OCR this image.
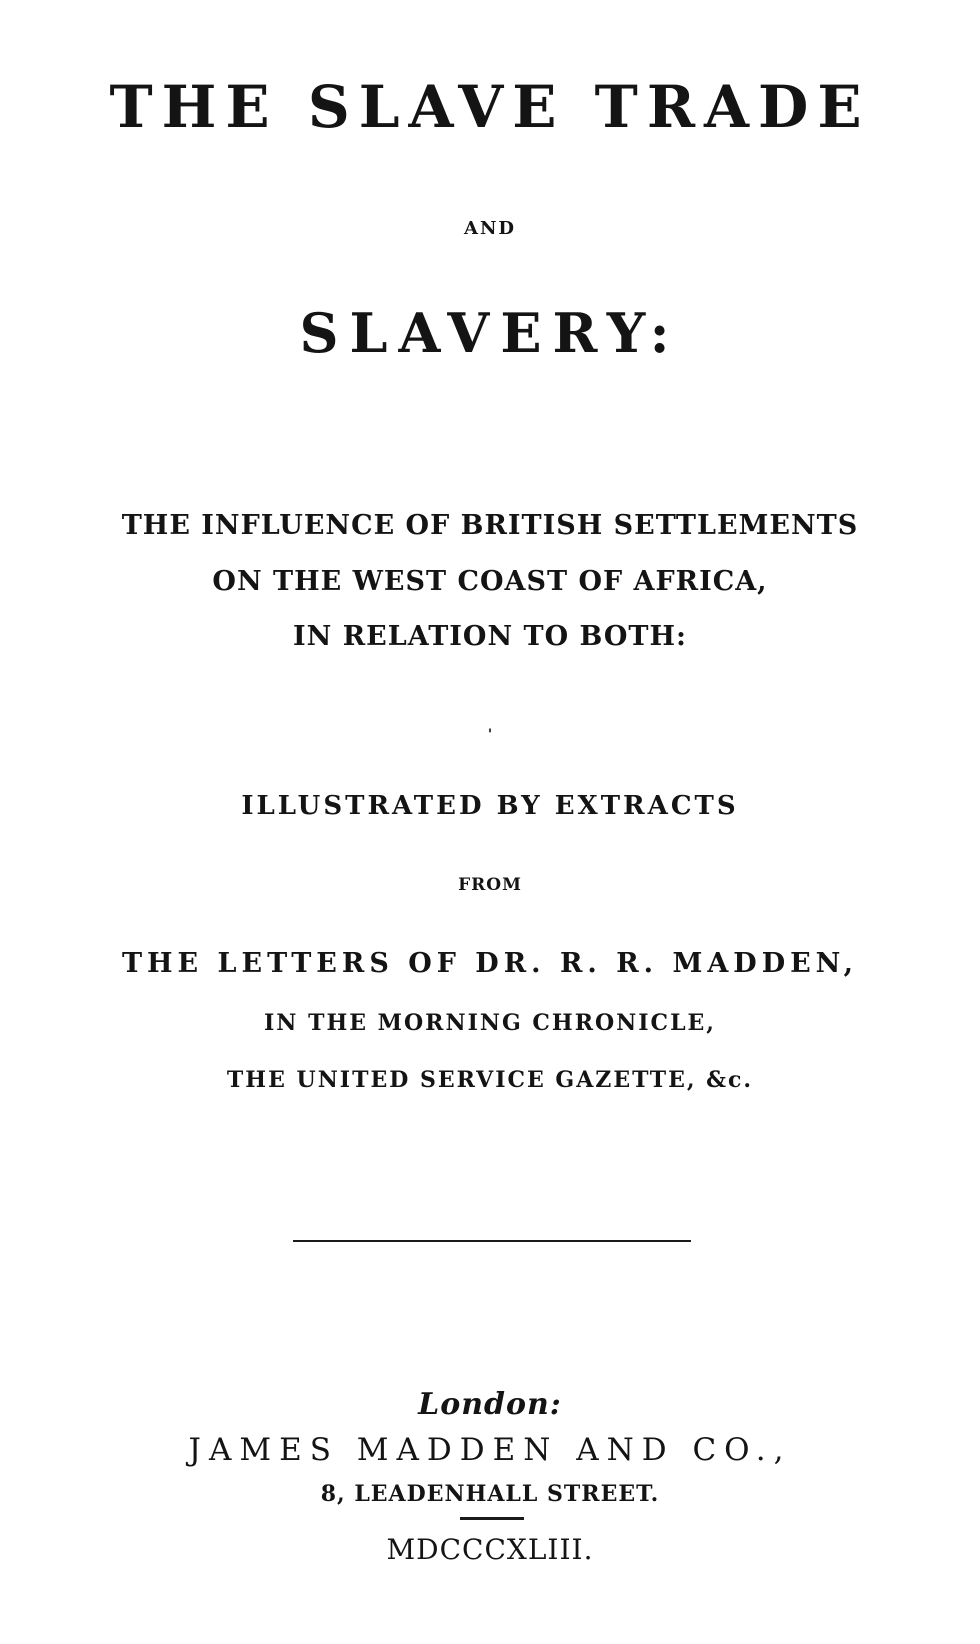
THE SLAVE TRADE
AND
SLAVERY:
THE INFLUENCE OF BRITISH SETTLEMENTS
ON THE WEST COAST OF AFRICA,
IN RELATION TO BOTH:
'
ILLUSTRATED BY EXTRACTS
FROM
THE LETTERS OF DR. R. R. MADDEN,
IN THE MORNING CHRONICLE,
THE UNITED SERVICE GAZETTE, &c.
London:
JAMES MADDEN AND CO.,
8, LEADENHALL STREET.
MDCCCXLIII.
